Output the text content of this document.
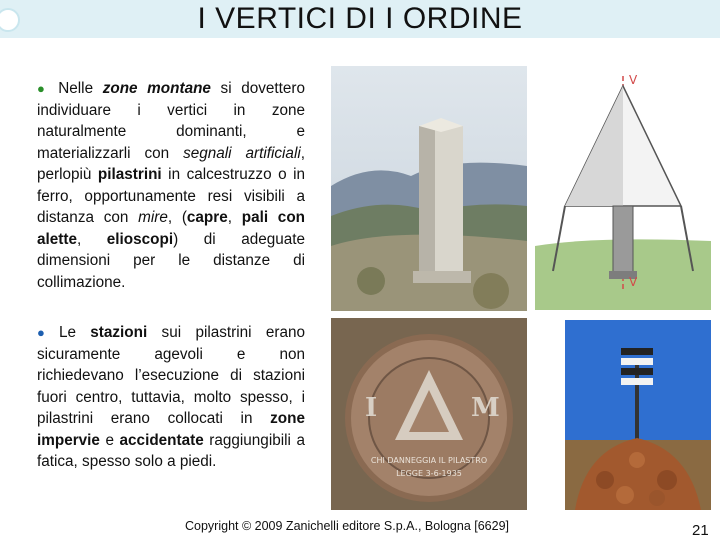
I VERTICI DI I ORDINE
● Nelle zone montane si dovettero individuare i vertici in zone naturalmente dominanti, e materializzarli con segnali artificiali, perlopiù pilastrini in calcestruzzo o in ferro, opportunamente resi visibili a distanza con mire, (capre, pali con alette, elioscopi) di adeguate dimensioni per le distanze di collimazione.
● Le stazioni sui pilastrini erano sicuramente agevoli e non richiedevano l’esecuzione di stazioni fuori centro, tuttavia, molto spesso, i pilastrini erano collocati in zone impervie e accidentate raggiungibili a fatica, spesso solo a piedi.
V
V
I	M
CHI DANNEGGIA IL PILASTRO
LEGGE 3-6-1935
Copyright © 2009 Zanichelli editore S.p.A., Bologna [6629]	21
